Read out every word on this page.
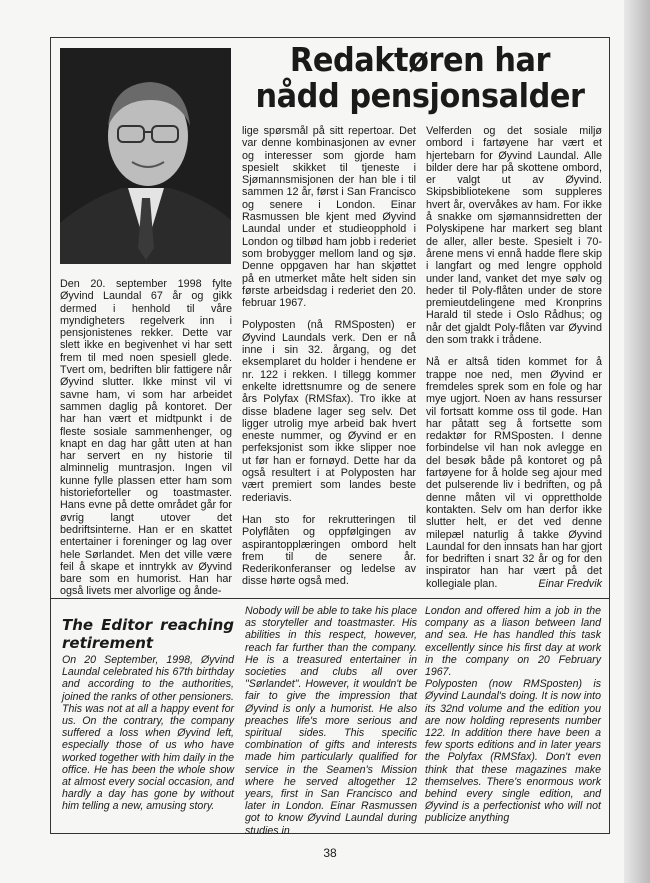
Redaktøren har nådd pensjonsalder

Den 20. september 1998 fylte Øyvind Laundal 67 år og gikk dermed i henhold til våre myndigheters regelverk inn i pensjonistenes rekker. Dette var slett ikke en begivenhet vi har sett frem til med noen spesiell glede. Tvert om, bedriften blir fattigere når Øyvind slutter. Ikke minst vil vi savne ham, vi som har arbeidet sammen daglig på kontoret. Der har han vært et midtpunkt i de fleste sosiale sammenhenger, og knapt en dag har gått uten at han har servert en ny historie til alminnelig muntrasjon. Ingen vil kunne fylle plassen etter ham som historieforteller og toastmaster. Hans evne på dette området går for øvrig langt utover det bedriftsinterne. Han er en skattet entertainer i foreninger og lag over hele Sørlandet. Men det ville være feil å skape et inntrykk av Øyvind bare som en humorist. Han har også livets mer alvorlige og ånde-

lige spørsmål på sitt repertoar. Det var denne kombinasjonen av evner og interesser som gjorde ham spesielt skikket til tjeneste i Sjømannsmisjonen der han ble i til sammen 12 år, først i San Francisco og senere i London. Einar Rasmussen ble kjent med Øyvind Laundal under et studieopphold i London og tilbød ham jobb i rederiet som brobygger mellom land og sjø. Denne oppgaven har han skjøttet på en utmerket måte helt siden sin første arbeidsdag i rederiet den 20. februar 1967.

Polyposten (nå RMSposten) er Øyvind Laundals verk. Den er nå inne i sin 32. årgang, og det eksemplaret du holder i hendene er nr. 122 i rekken. I tillegg kommer enkelte idrettsnumre og de senere års Polyfax (RMSfax). Tro ikke at disse bladene lager seg selv. Det ligger utrolig mye arbeid bak hvert eneste nummer, og Øyvind er en perfeksjonist som ikke slipper noe ut før han er fornøyd. Dette har da også resultert i at Polyposten har vært premiert som landes beste rederiavis.

Han sto for rekrutteringen til Polyflåten og oppfølgingen av aspirantopplæringen ombord helt frem til de senere år. Rederikonferanser og ledelse av disse hørte også med.

Velferden og det sosiale miljø ombord i fartøyene har vært et hjertebarn for Øyvind Laundal. Alle bilder dere har på skottene ombord, er valgt ut av Øyvind. Skipsbibliotekene som suppleres hvert år, overvåkes av ham. For ikke å snakke om sjømannsidretten der Polyskipene har markert seg blant de aller, aller beste. Spesielt i 70-årene mens vi ennå hadde flere skip i langfart og med lengre opphold under land, vanket det mye sølv og heder til Poly-flåten under de store premieutdelingene med Kronprins Harald til stede i Oslo Rådhus; og når det gjaldt Poly-flåten var Øyvind den som trakk i trådene.

Nå er altså tiden kommet for å trappe noe ned, men Øyvind er fremdeles sprek som en fole og har mye ugjort. Noen av hans ressurser vil fortsatt komme oss til gode. Han har påtatt seg å fortsette som redaktør for RMSposten. I denne forbindelse vil han nok avlegge en del besøk både på kontoret og på fartøyene for å holde seg ajour med det pulserende liv i bedriften, og på denne måten vil vi opprettholde kontakten. Selv om han derfor ikke slutter helt, er det ved denne milepæl naturlig å takke Øyvind Laundal for den innsats han har gjort for bedriften i snart 32 år og for den inspirator han har vært på det kollegiale plan.	Einar Fredvik

The Editor reaching retirement

On 20 September, 1998, Øyvind Laundal celebrated his 67th birthday and according to the authorities, joined the ranks of other pensioners. This was not at all a happy event for us. On the contrary, the company suffered a loss when Øyvind left, especially those of us who have worked together with him daily in the office. He has been the whole show at almost every social occasion, and hardly a day has gone by without him telling a new, amusing story.

Nobody will be able to take his place as storyteller and toastmaster. His abilities in this respect, however, reach far further than the company. He is a treasured entertainer in societies and clubs all over "Sørlandet". However, it wouldn't be fair to give the impression that Øyvind is only a humorist. He also preaches life's more serious and spiritual sides. This specific combination of gifts and interests made him particularly qualified for service in the Seamen's Mission where he served altogether 12 years, first in San Francisco and later in London. Einar Rasmussen got to know Øyvind Laundal during studies in

London and offered him a job in the company as a liason between land and sea. He has handled this task excellently since his first day at work in the company on 20 February 1967.

Polyposten (now RMSposten) is Øyvind Laundal's doing. It is now into its 32nd volume and the edition you are now holding represents number 122. In addition there have been a few sports editions and in later years the Polyfax (RMSfax). Don't even think that these magazines make themselves. There's enormous work behind every single edition, and Øyvind is a perfectionist who will not publicize anything

38
